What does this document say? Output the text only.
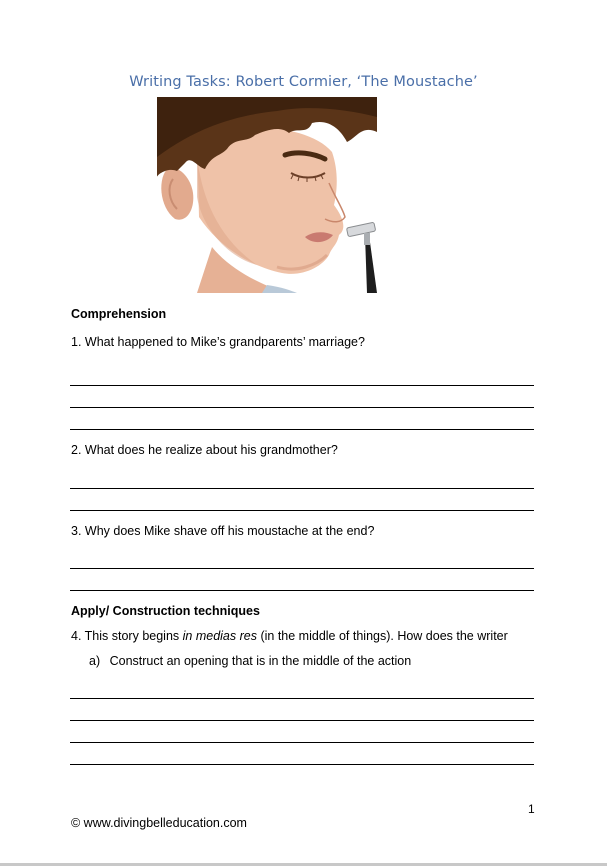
Writing Tasks: Robert Cormier, ‘The Moustache’
Comprehension
1. What happened to Mike’s grandparents’ marriage?
2. What does he realize about his grandmother?
3. Why does Mike shave off his moustache at the end?
Apply/ Construction techniques
4. This story begins in medias res (in the middle of things). How does the writer
a) Construct an opening that is in the middle of the action
1
© www.divingbelleducation.com
